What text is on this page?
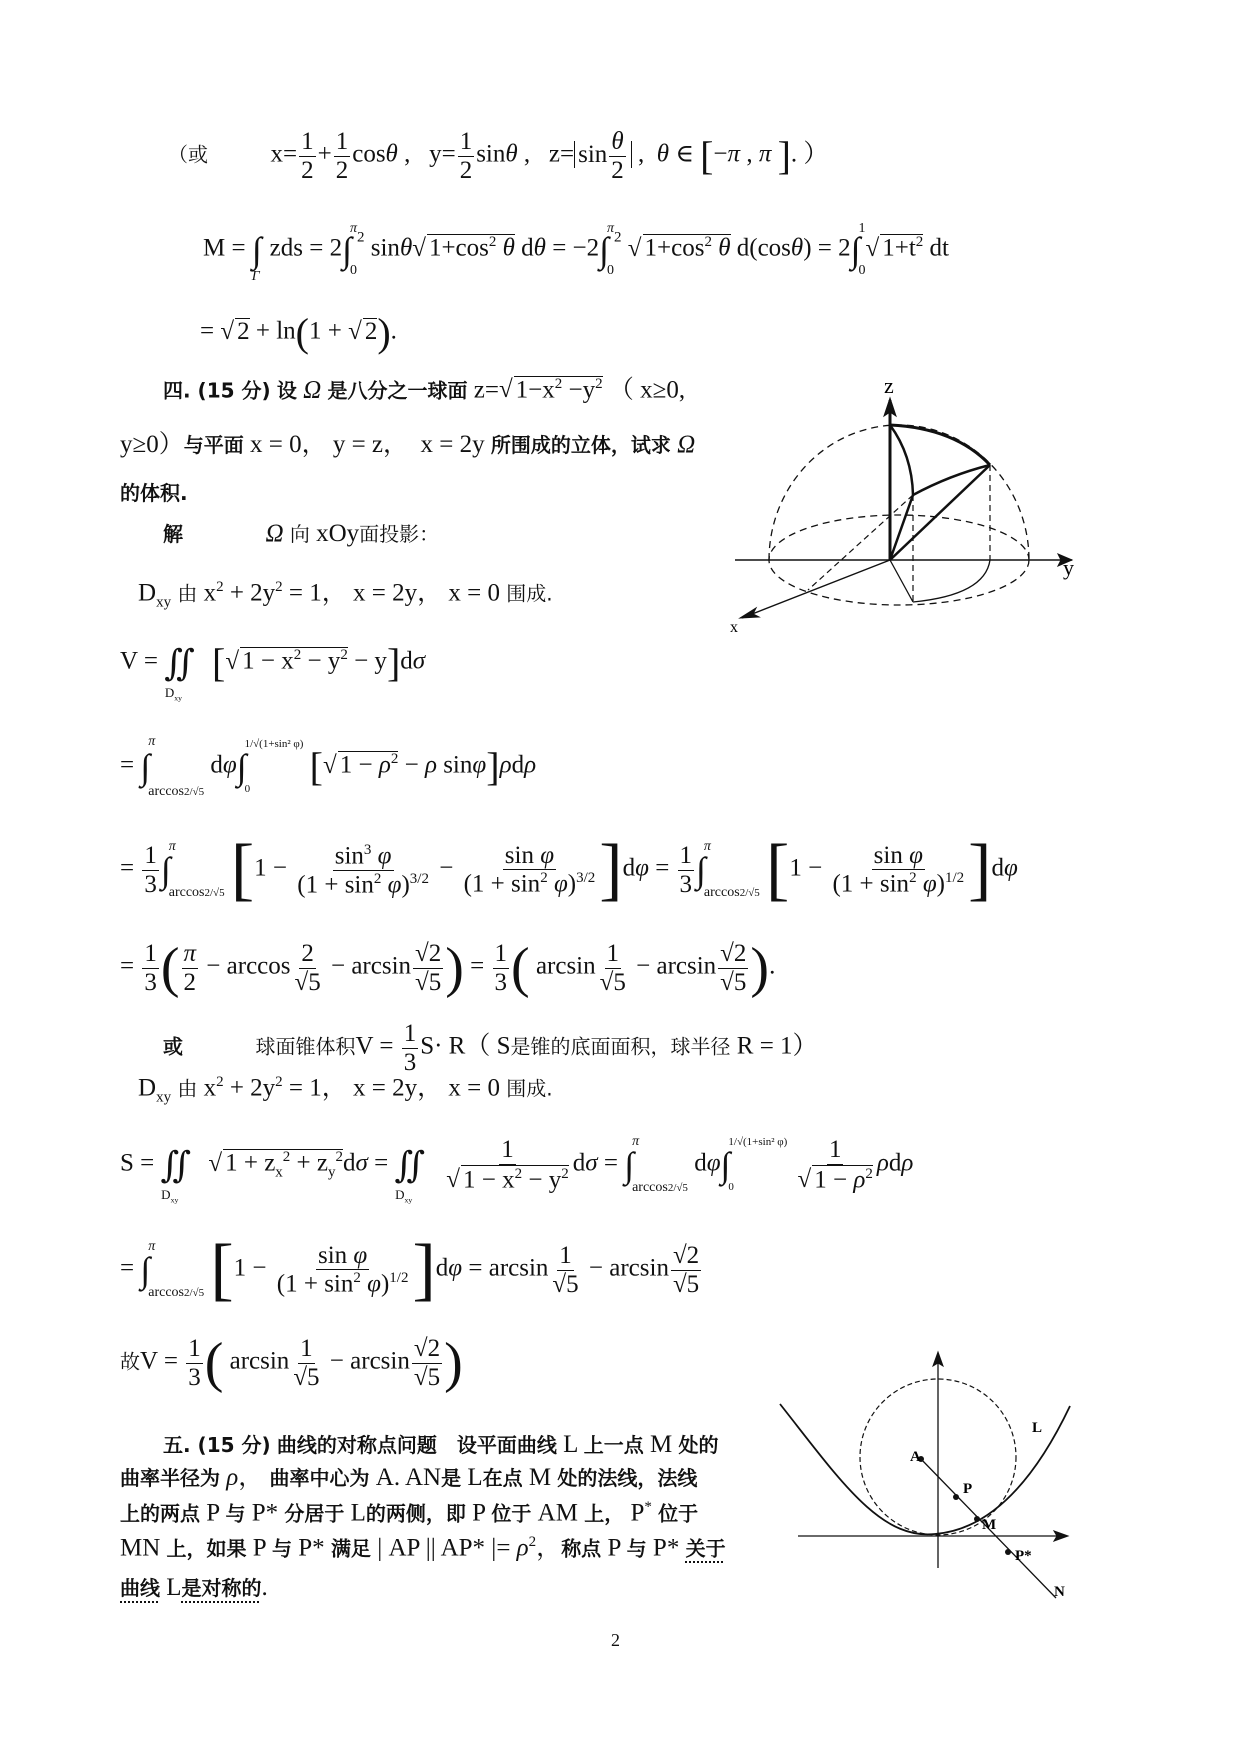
（或  $x= \frac{1}{2} + \frac{1}{2}$ cosθ ,   $y= \frac{1}{2}$ sinθ ,   $z= \sin \frac{\theta}{2}$ ,  θ ∈ [−π , π ]. ）
$M = \int_\Gamma zds = 2\int$
π
0
$^2$ sinθ √ $1+\cos^2$ θ dθ = −2∫
π
0
$^2$ √ $1+\cos^2$ θ d(cosθ) = 2∫
1
0
√ $1+t^2$ dt
= √ 2 + ln(1 + √ 2).
四. (15 分) 设 Ω 是八分之一球面 z= √ $1-x^2 -y^2$ （ x≥0,
y≥0）与平面 x = 0， y = z，  x = 2y 所围成的立体，试求 Ω
的体积.
解	Ω 向 xOy面投影：
$D_{xy}$ 由 $x^2 + 2y^2 = 1$， x = 2y， x = 0 围成.
$V = ∬_{D_{xy}}$[ √ $1 - x^2 - y^2 - y]d\sigma$
= ∫
π
arccos2/√5
dφ∫
1/√(1+sin² φ)
0	[ √ $1 - \rho^2 - \rho$ sinφ]ρdρ
= $\frac{1}{3}$ ∫
π
arccos2/√5 $[1 - \frac{\sin^3 \varphi}{(1 + \sin^2 \varphi)^{3/2}} - \frac{\text{sin φ}}{(1 + \sin^2 \varphi)^{3/2}} ]d\varphi = \frac{1}{3}$ ∫
π
arccos2/√5 $[1 - \frac{\text{sin φ}}{(1 + \sin^2 \varphi)^{1/2}} ]d\varphi$
= $\frac{1}{3}$ ( $\frac{\pi}{2} - \arccos \frac{2}{√5} - \arcsin \frac{√2}{√5}$ ) = $\frac{1}{3}$ ( $\arcsin \frac{1}{√5} - \arcsin \frac{√2}{√5}$ ).
或	球面锥体积$V = \frac{1}{3} S\cdot R$（ S是锥的底面面积，球半径 R = 1）
$D_{xy}$ 由 $x^2 + 2y^2 = 1$， x = 2y， x = 0 围成.
$S = ∬_{D_{xy}}√$ $1 + z_x^2 + z_y^2d\sigma$ = $∬_{D_{xy}}$
1
√ $1 - x^2 - y^2$ dσ = ∫
π
arccos2/√5
dφ∫
1/√(1+sin² φ)
0
	1
√ $1 - \rho^2$ ρdρ
= ∫
π
arccos2/√5 $[1 - \frac{\text{sin φ}}{(1 + \sin^2 \varphi)^{1/2}} ]d\varphi = \arcsin \frac{1}{√5} - \arcsin \frac{√2}{√5}$
故$V = \frac{1}{3}$ ( $\arcsin \frac{1}{√5} - \arcsin \frac{√2}{√5}$ )
五. (15 分) 曲线的对称点问题　设平面曲线 L 上一点 M 处的
曲率半径为 ρ， 曲率中心为 A. AN是 L在点 M 处的法线，法线
上的两点 P 与 P* 分居于 L的两侧，即 P 位于 AM 上， P* 位于
MN 上，如果 P 与 P* 满足 | AP || AP* |= $\rho^2$，称点 P 与 P* 关于
曲线 L是对称的.
z
y
x
A
P
M
P*
N
L
2
